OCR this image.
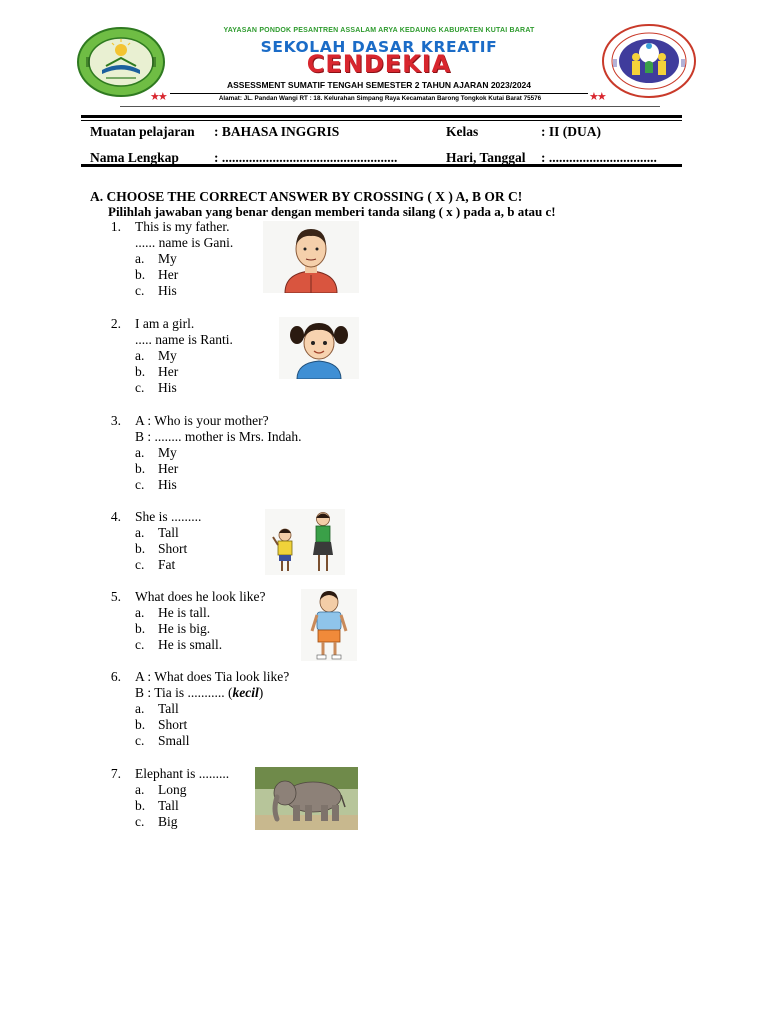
YAYASAN PONDOK PESANTREN ASSALAM ARYA KEDAUNG KABUPATEN KUTAI BARAT
SEKOLAH DASAR KREATIF
CENDEKIA
ASSESSMENT SUMATIF TENGAH SEMESTER 2 TAHUN AJARAN 2023/2024
★★	Alamat: JL. Pandan Wangi RT : 18. Kelurahan Simpang Raya Kecamatan Barong Tongkok Kutai Barat 75576	★★
Muatan pelajaran : BAHASA INGGRIS	Kelas	: II (DUA)
Nama Lengkap	: ....................................................	Hari, Tanggal : ................................
A. CHOOSE THE CORRECT ANSWER BY CROSSING ( X ) A, B OR C!
Pilihlah jawaban yang benar dengan memberi tanda silang ( x ) pada a, b atau c!
1. This is my father.
...... name is Gani.
a. My
b. Her
c. His
2. I am a girl.
..... name is Ranti.
a. My
b. Her
c. His
3. A : Who is your mother?
B : ........ mother is Mrs. Indah.
a. My
b. Her
c. His
4. She is .........
a. Tall
b. Short
c. Fat
5. What does he look like?
a. He is tall.
b. He is big.
c. He is small.
6. A : What does Tia look like?
B : Tia is ........... (kecil)
a. Tall
b. Short
c. Small
7. Elephant is .........
a. Long
b. Tall
c. Big
